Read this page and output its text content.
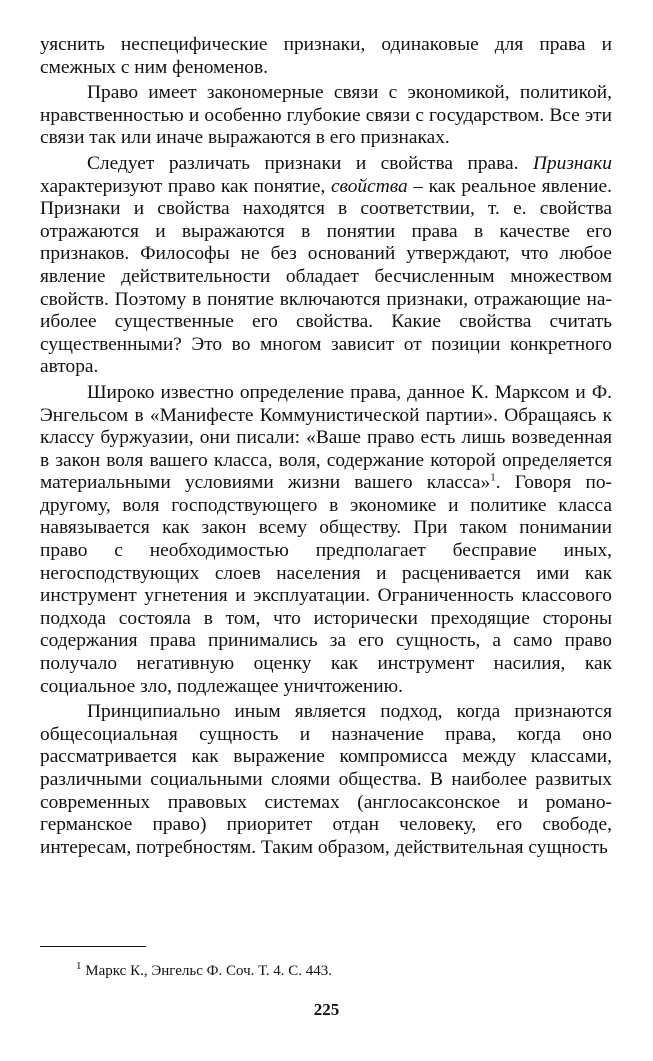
уяснить неспецифические признаки, одинаковые для права и смежных с ним феноменов.

Право имеет закономерные связи с экономикой, политикой, нравственностью и особенно глубокие связи с государством. Все эти связи так или иначе выражаются в его признаках.

Следует различать признаки и свойства права. Признаки характеризуют право как понятие, свойства – как реальное явление. Признаки и свойства находятся в соответствии, т. е. свойства отражаются и выражаются в понятии права в качестве его признаков. Философы не без оснований утверждают, что любое явление действительности обладает бесчисленным множеством свойств. Поэтому в понятие включаются признаки, отражающие наиболее существенные его свойства. Какие свойства считать существенными? Это во многом зависит от позиции конкретного автора.

Широко известно определение права, данное К. Марксом и Ф. Энгельсом в «Манифесте Коммунистической партии». Обращаясь к классу буржуазии, они писали: «Ваше право есть лишь возведенная в закон воля вашего класса, воля, содержание которой определяется материальными условиями жизни вашего класса»$^1$. Говоря по-другому, воля господствующего в экономике и политике класса навязывается как закон всему обществу. При таком понимании право с необходимостью предполагает бесправие иных, негосподствующих слоев населения и расценивается ими как инструмент угнетения и эксплуатации. Ограниченность классового подхода состояла в том, что исторически преходящие стороны содержания права принимались за его сущность, а само право получало негативную оценку как инструмент насилия, как социальное зло, подлежащее уничтожению.

Принципиально иным является подход, когда признаются общесоциальная сущность и назначение права, когда оно рассматривается как выражение компромисса между классами, различными социальными слоями общества. В наиболее развитых современных правовых системах (англосаксонское и романо-германское право) приоритет отдан человеку, его свободе, интересам, потребностям. Таким образом, действительная сущность

$^1$ Маркс К., Энгельс Ф. Соч. Т. 4. С. 443.
225
